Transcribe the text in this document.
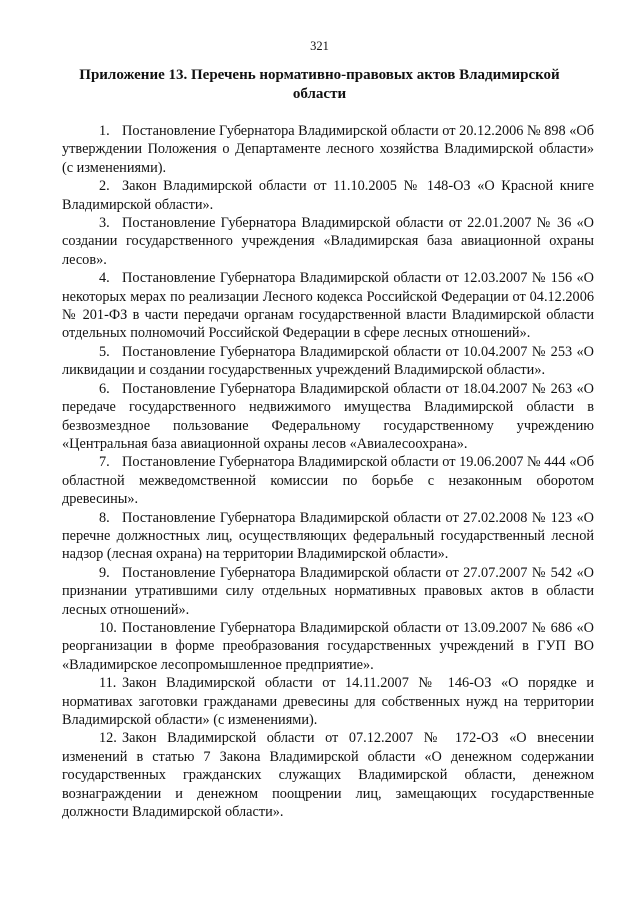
321
Приложение 13. Перечень нормативно-правовых актов Владимирской области
1. Постановление Губернатора Владимирской области от 20.12.2006 № 898 «Об утверждении Положения о Департаменте лесного хозяйства Владимирской области» (с изменениями).
2. Закон Владимирской области от 11.10.2005 № 148-ОЗ «О Красной книге Владимирской области».
3. Постановление Губернатора Владимирской области от 22.01.2007 № 36 «О создании государственного учреждения «Владимирская база авиационной охраны лесов».
4. Постановление Губернатора Владимирской области от 12.03.2007 № 156 «О некоторых мерах по реализации Лесного кодекса Российской Федерации от 04.12.2006 № 201-ФЗ в части передачи органам государственной власти Владимирской области отдельных полномочий Российской Федерации в сфере лесных отношений».
5. Постановление Губернатора Владимирской области от 10.04.2007 № 253 «О ликвидации и создании государственных учреждений Владимирской области».
6. Постановление Губернатора Владимирской области от 18.04.2007 № 263 «О передаче государственного недвижимого имущества Владимирской области в безвозмездное пользование Федеральному государственному учреждению «Центральная база авиационной охраны лесов «Авиалесоохрана».
7. Постановление Губернатора Владимирской области от 19.06.2007 № 444 «Об областной межведомственной комиссии по борьбе с незаконным оборотом древесины».
8. Постановление Губернатора Владимирской области от 27.02.2008 № 123 «О перечне должностных лиц, осуществляющих федеральный государственный лесной надзор (лесная охрана) на территории Владимирской области».
9. Постановление Губернатора Владимирской области от 27.07.2007 № 542 «О признании утратившими силу отдельных нормативных правовых актов в области лесных отношений».
10. Постановление Губернатора Владимирской области от 13.09.2007 № 686 «О реорганизации в форме преобразования государственных учреждений в ГУП ВО «Владимирское лесопромышленное предприятие».
11. Закон Владимирской области от 14.11.2007 № 146-ОЗ «О порядке и нормативах заготовки гражданами древесины для собственных нужд на территории Владимирской области» (с изменениями).
12. Закон Владимирской области от 07.12.2007 № 172-ОЗ «О внесении изменений в статью 7 Закона Владимирской области «О денежном содержании государственных гражданских служащих Владимирской области, денежном вознаграждении и денежном поощрении лиц, замещающих государственные должности Владимирской области».
